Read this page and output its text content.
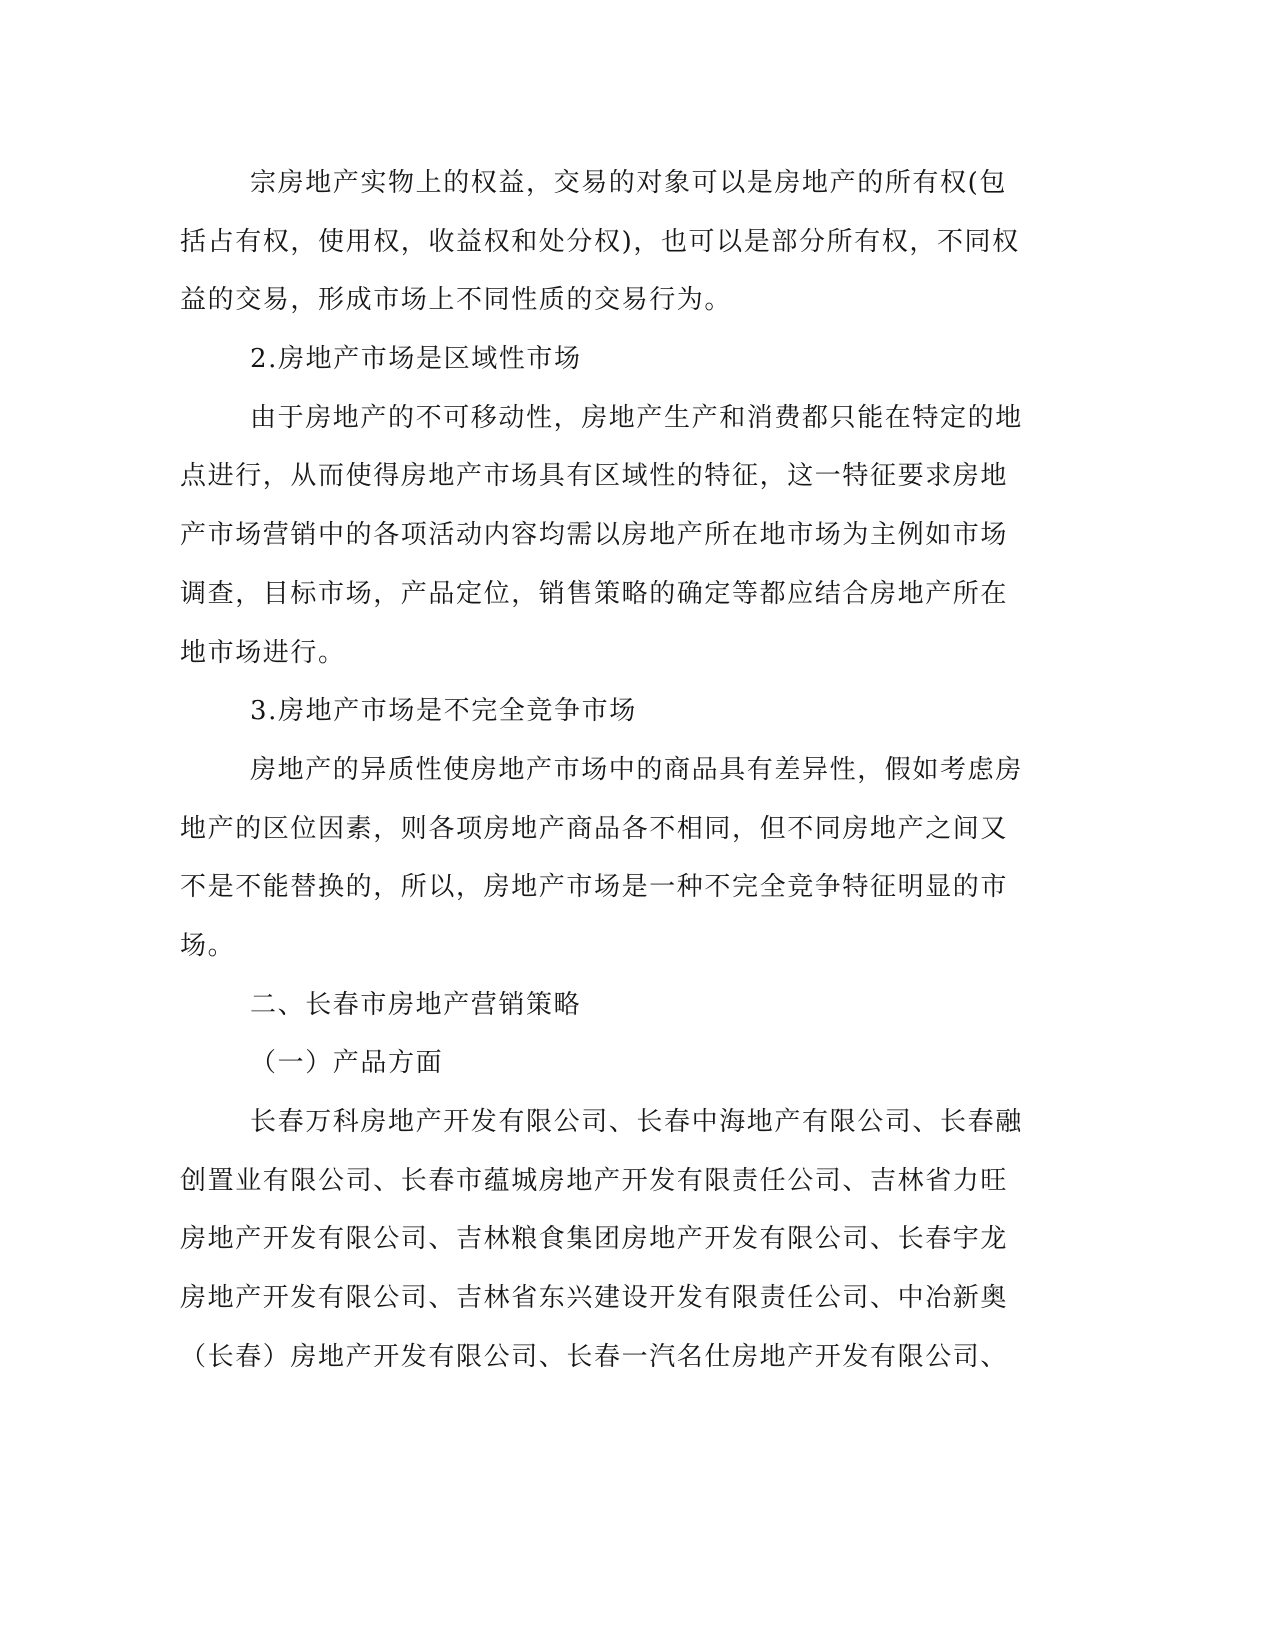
宗房地产实物上的权益，交易的对象可以是房地产的所有权(包
括占有权，使用权，收益权和处分权)，也可以是部分所有权，不同权
益的交易，形成市场上不同性质的交易行为。
2.房地产市场是区域性市场
由于房地产的不可移动性，房地产生产和消费都只能在特定的地
点进行，从而使得房地产市场具有区域性的特征，这一特征要求房地
产市场营销中的各项活动内容均需以房地产所在地市场为主例如市场
调查，目标市场，产品定位，销售策略的确定等都应结合房地产所在
地市场进行。
3.房地产市场是不完全竞争市场
房地产的异质性使房地产市场中的商品具有差异性，假如考虑房
地产的区位因素，则各项房地产商品各不相同，但不同房地产之间又
不是不能替换的，所以，房地产市场是一种不完全竞争特征明显的市
场。
二、长春市房地产营销策略
（一）产品方面
长春万科房地产开发有限公司、长春中海地产有限公司、长春融
创置业有限公司、长春市蕴城房地产开发有限责任公司、吉林省力旺
房地产开发有限公司、吉林粮食集团房地产开发有限公司、长春宇龙
房地产开发有限公司、吉林省东兴建设开发有限责任公司、中冶新奥
（长春）房地产开发有限公司、长春一汽名仕房地产开发有限公司、
